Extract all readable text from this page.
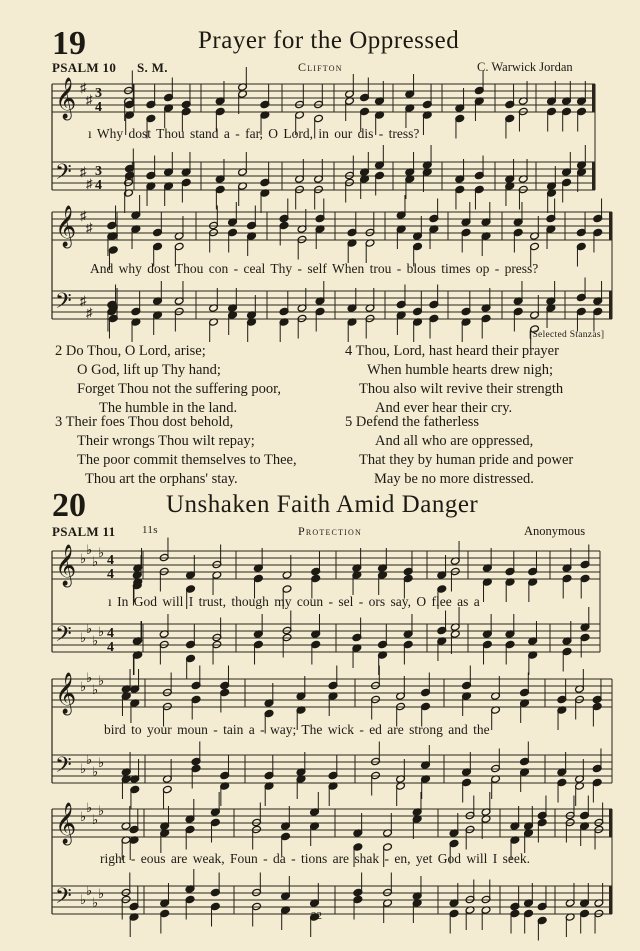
19	Prayer for the Oppressed
PSALM 10 S. M.	Clifton	C. Warwick Jordan
𝄞
𝄢
♯
♯
♯
♯
3
4
3
4
𝄞
𝄢
♯
♯
♯
♯
ı Why dost Thou stand a - far, O Lord, in our dis - tress?
And why dost Thou con - ceal Thy - self When trou - blous times op - press?
[Selected Stanzas]
2 Do Thou, O Lord, arise;
O God, lift up Thy hand;
Forget Thou not the suffering poor,
The humble in the land.
3 Their foes Thou dost behold,
Their wrongs Thou wilt repay;
The poor commit themselves to Thee,
Thou art the orphans' stay.
4 Thou, Lord, hast heard their prayer
When humble hearts drew nigh;
Thou also wilt revive their strength
And ever hear their cry.
5 Defend the fatherless
And all who are oppressed,
That they by human pride and power
May be no more distressed.
20	Unshaken Faith Amid Danger
PSALM 11 11s	Protection	Anonymous
𝄞
𝄢
♭
♭
♭
♭
♭
♭
♭
♭
4
4
4
4
𝄞
𝄢
♭
♭
♭
♭
♭
♭
♭
♭
𝄞
𝄢
♭
♭
♭
♭
♭
♭
♭
♭
ı In God will I trust, though my coun - sel - ors say, O flee as a
bird to your moun - tain a - way; The wick - ed are strong and the
right - eous are weak, Foun - da - tions are shak - en, yet God will I seek.
22
